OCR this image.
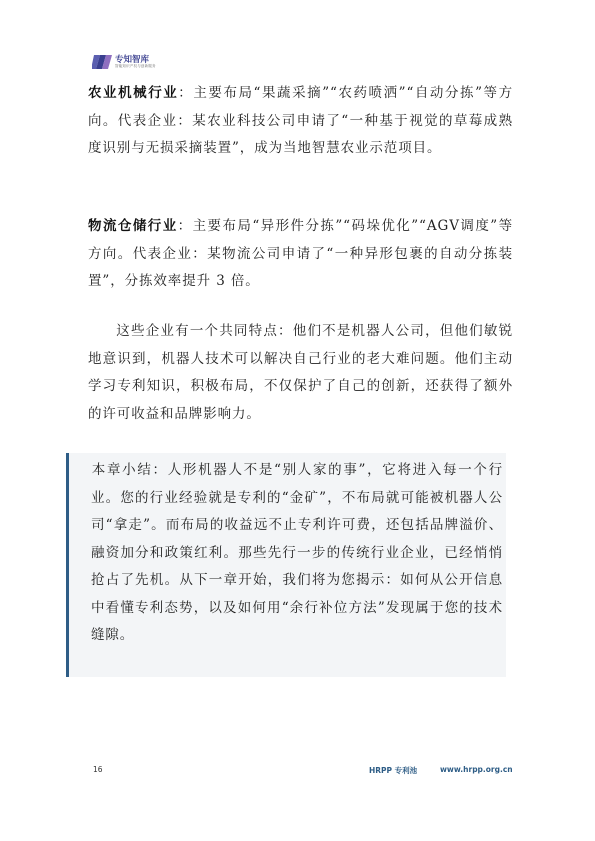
专知智库
智能知识产权与创新服务
农业机械行业：主要布局“果蔬采摘”“农药喷洒”“自动分拣”等方向。代表企业：某农业科技公司申请了“一种基于视觉的草莓成熟度识别与无损采摘装置”，成为当地智慧农业示范项目。
物流仓储行业：主要布局“异形件分拣”“码垛优化”“AGV调度”等方向。代表企业：某物流公司申请了“一种异形包裹的自动分拣装置”，分拣效率提升 3 倍。
这些企业有一个共同特点：他们不是机器人公司，但他们敏锐地意识到，机器人技术可以解决自己行业的老大难问题。他们主动学习专利知识，积极布局，不仅保护了自己的创新，还获得了额外的许可收益和品牌影响力。
本章小结：人形机器人不是“别人家的事”，它将进入每一个行业。您的行业经验就是专利的“金矿”，不布局就可能被机器人公司“拿走”。而布局的收益远不止专利许可费，还包括品牌溢价、融资加分和政策红利。那些先行一步的传统行业企业，已经悄悄抢占了先机。从下一章开始，我们将为您揭示：如何从公开信息中看懂专利态势，以及如何用“余行补位方法”发现属于您的技术缝隙。
16	HRPP 专利池	www.hrpp.org.cn
